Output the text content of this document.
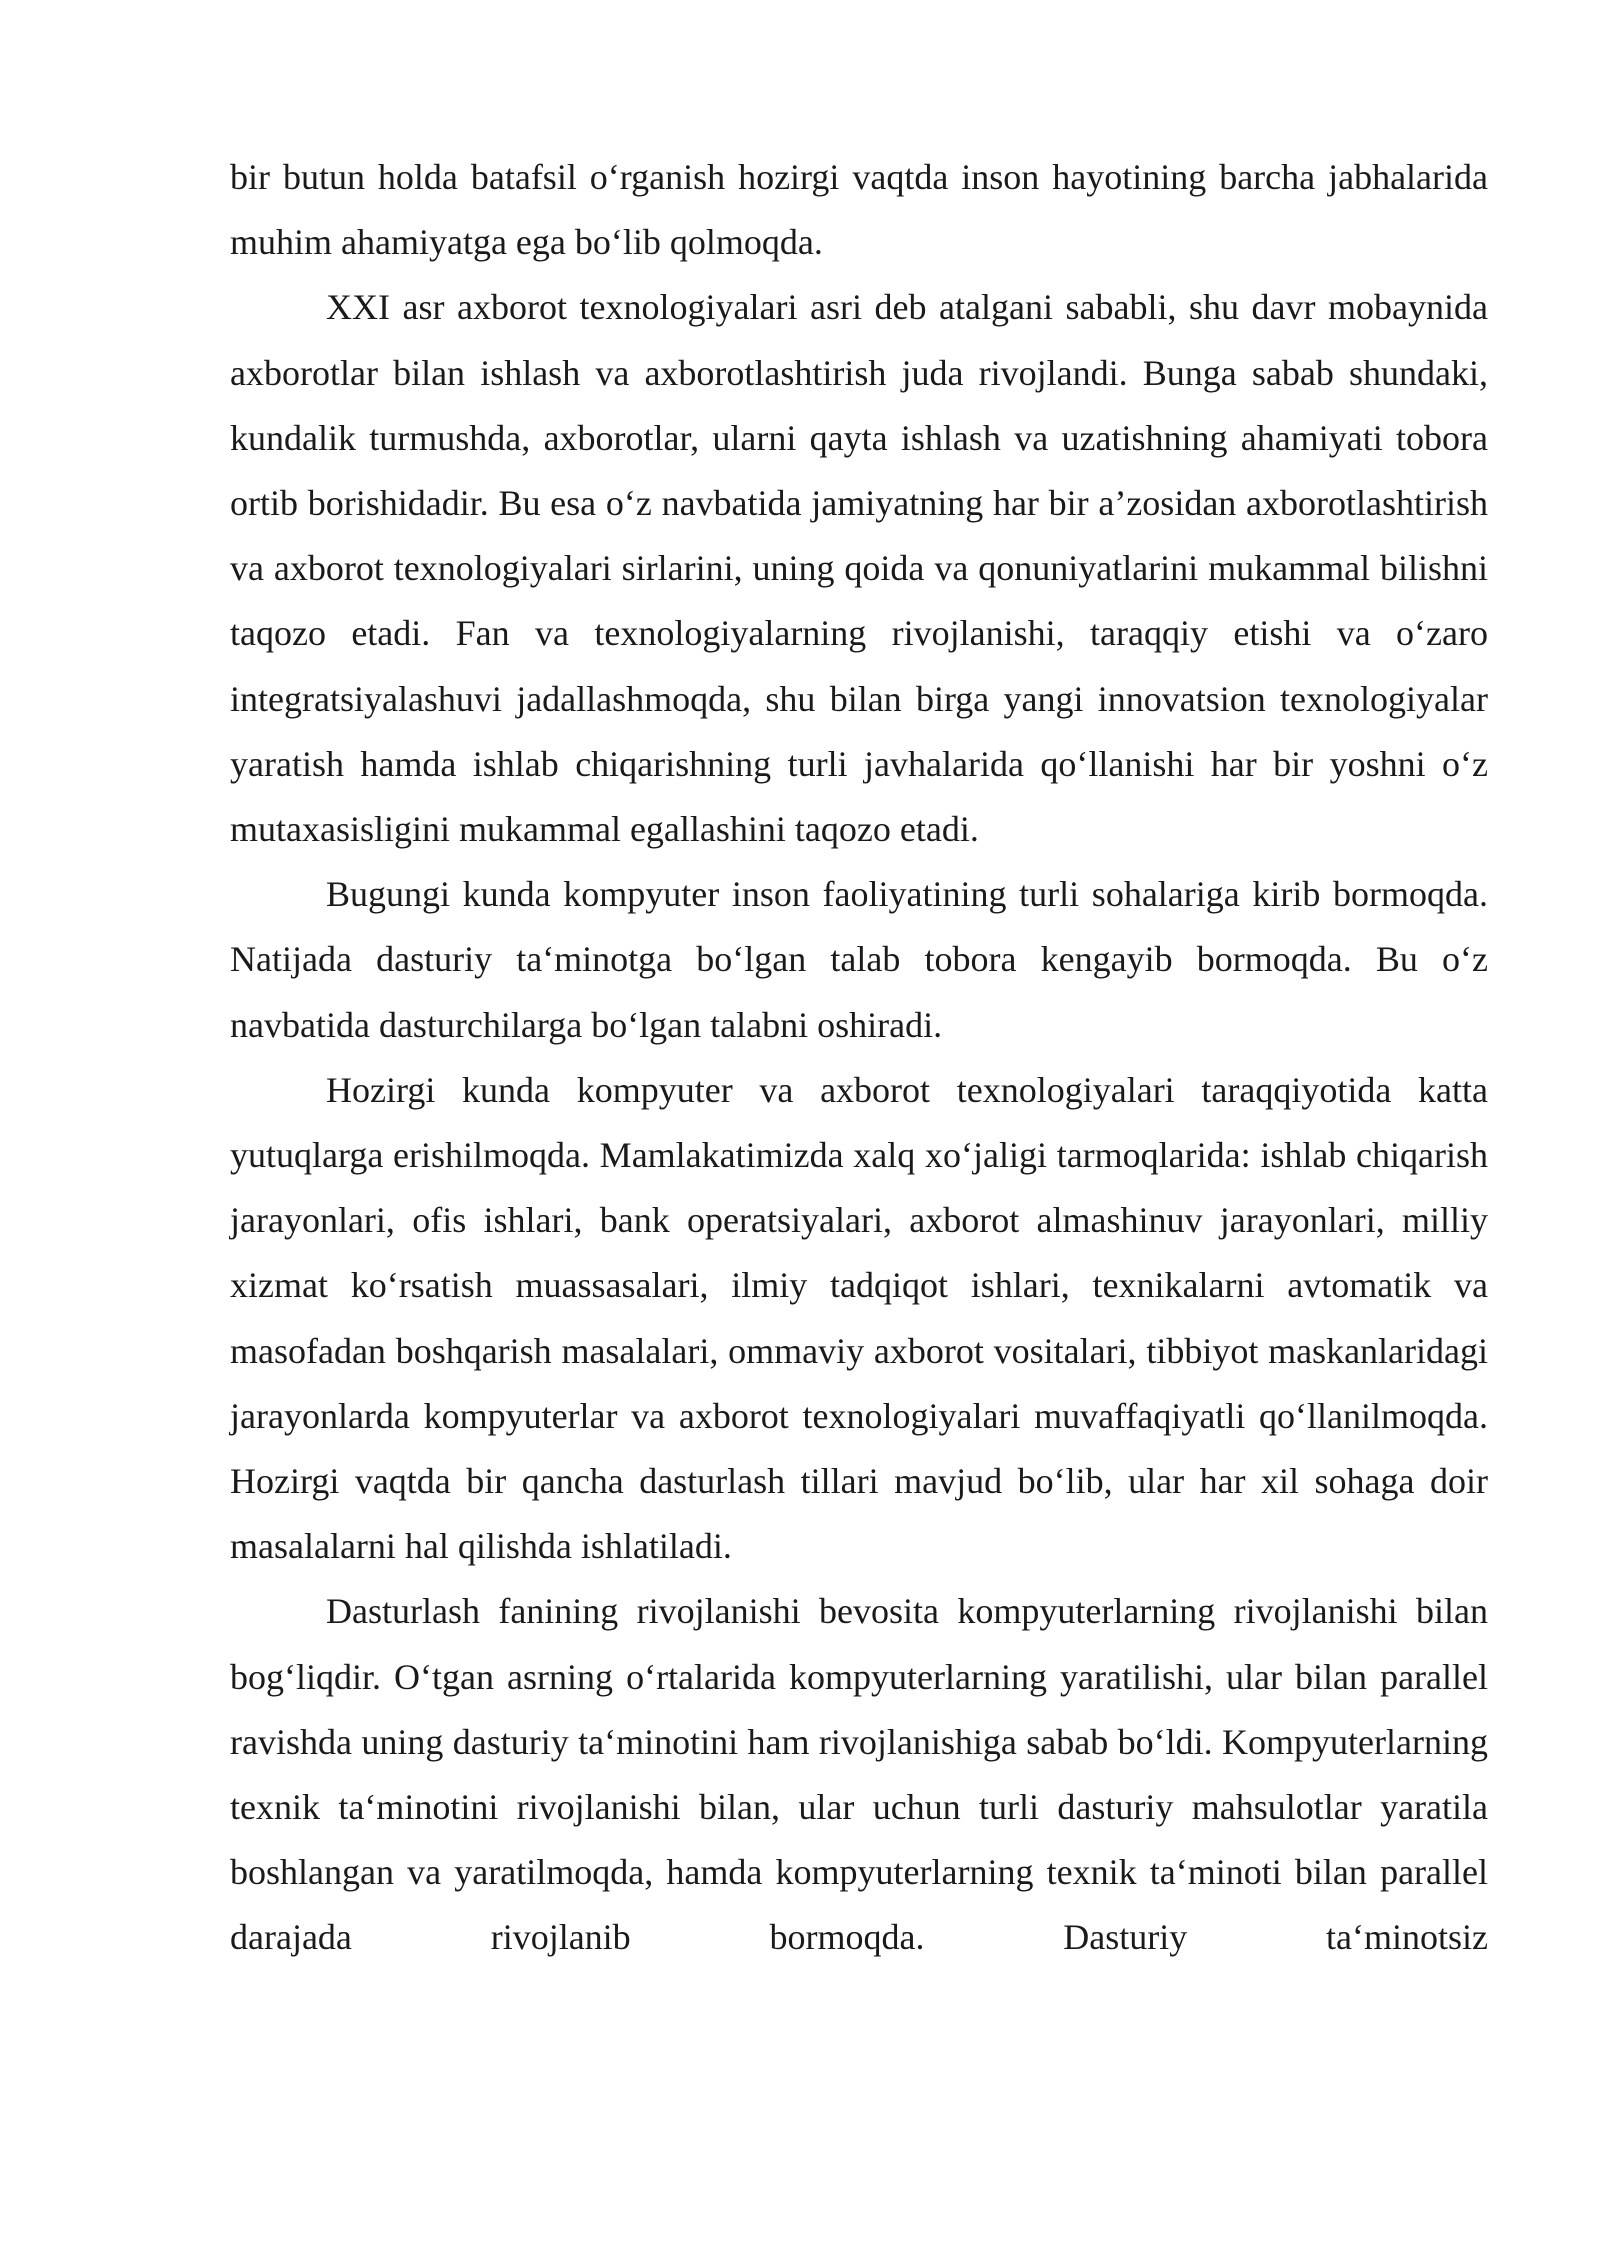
bir butun holda batafsil oʻrganish hozirgi vaqtda inson hayotining barcha jabhalarida muhim ahamiyatga ega boʻlib qolmoqda.

XXI asr axborot texnologiyalari asri deb atalgani sababli, shu davr mobaynida axborotlar bilan ishlash va axborotlashtirish juda rivojlandi. Bunga sabab shundaki, kundalik turmushda, axborotlar, ularni qayta ishlash va uzatishning ahamiyati tobora ortib borishidadir. Bu esa oʻz navbatida jamiyatning har bir a’zosidan axborotlashtirish va axborot texnologiyalari sirlarini, uning qoida va qonuniyatlarini mukammal bilishni taqozo etadi. Fan va texnologiyalarning rivojlanishi, taraqqiy etishi va oʻzaro integratsiyalashuvi jadallashmoqda, shu bilan birga yangi innovatsion texnologiyalar yaratish hamda ishlab chiqarishning turli javhalarida qoʻllanishi har bir yoshni oʻz mutaxasisligini mukammal egallashini taqozo etadi.

Bugungi kunda kompyuter inson faoliyatining turli sohalariga kirib bormoqda. Natijada dasturiy taʻminotga boʻlgan talab tobora kengayib bormoqda. Bu oʻz navbatida dasturchilarga boʻlgan talabni oshiradi.

Hozirgi kunda kompyuter va axborot texnologiyalari taraqqiyotida katta yutuqlarga erishilmoqda. Mamlakatimizda xalq xoʻjaligi tarmoqlarida: ishlab chiqarish jarayonlari, ofis ishlari, bank operatsiyalari, axborot almashinuv jarayonlari, milliy xizmat koʻrsatish muassasalari, ilmiy tadqiqot ishlari, texnikalarni avtomatik va masofadan boshqarish masalalari, ommaviy axborot vositalari, tibbiyot maskanlaridagi jarayonlarda kompyuterlar va axborot texnologiyalari muvaffaqiyatli qoʻllanilmoqda. Hozirgi vaqtda bir qancha dasturlash tillari mavjud boʻlib, ular har xil sohaga doir masalalarni hal qilishda ishlatiladi.

Dasturlash fanining rivojlanishi bevosita kompyuterlarning rivojlanishi bilan bogʻliqdir. Oʻtgan asrning oʻrtalarida kompyuterlarning yaratilishi, ular bilan parallel ravishda uning dasturiy taʻminotini ham rivojlanishiga sabab boʻldi. Kompyuterlarning texnik taʻminotini rivojlanishi bilan, ular uchun turli dasturiy mahsulotlar yaratila boshlangan va yaratilmoqda, hamda kompyuterlarning texnik taʻminoti bilan parallel darajada rivojlanib bormoqda. Dasturiy taʻminotsiz
